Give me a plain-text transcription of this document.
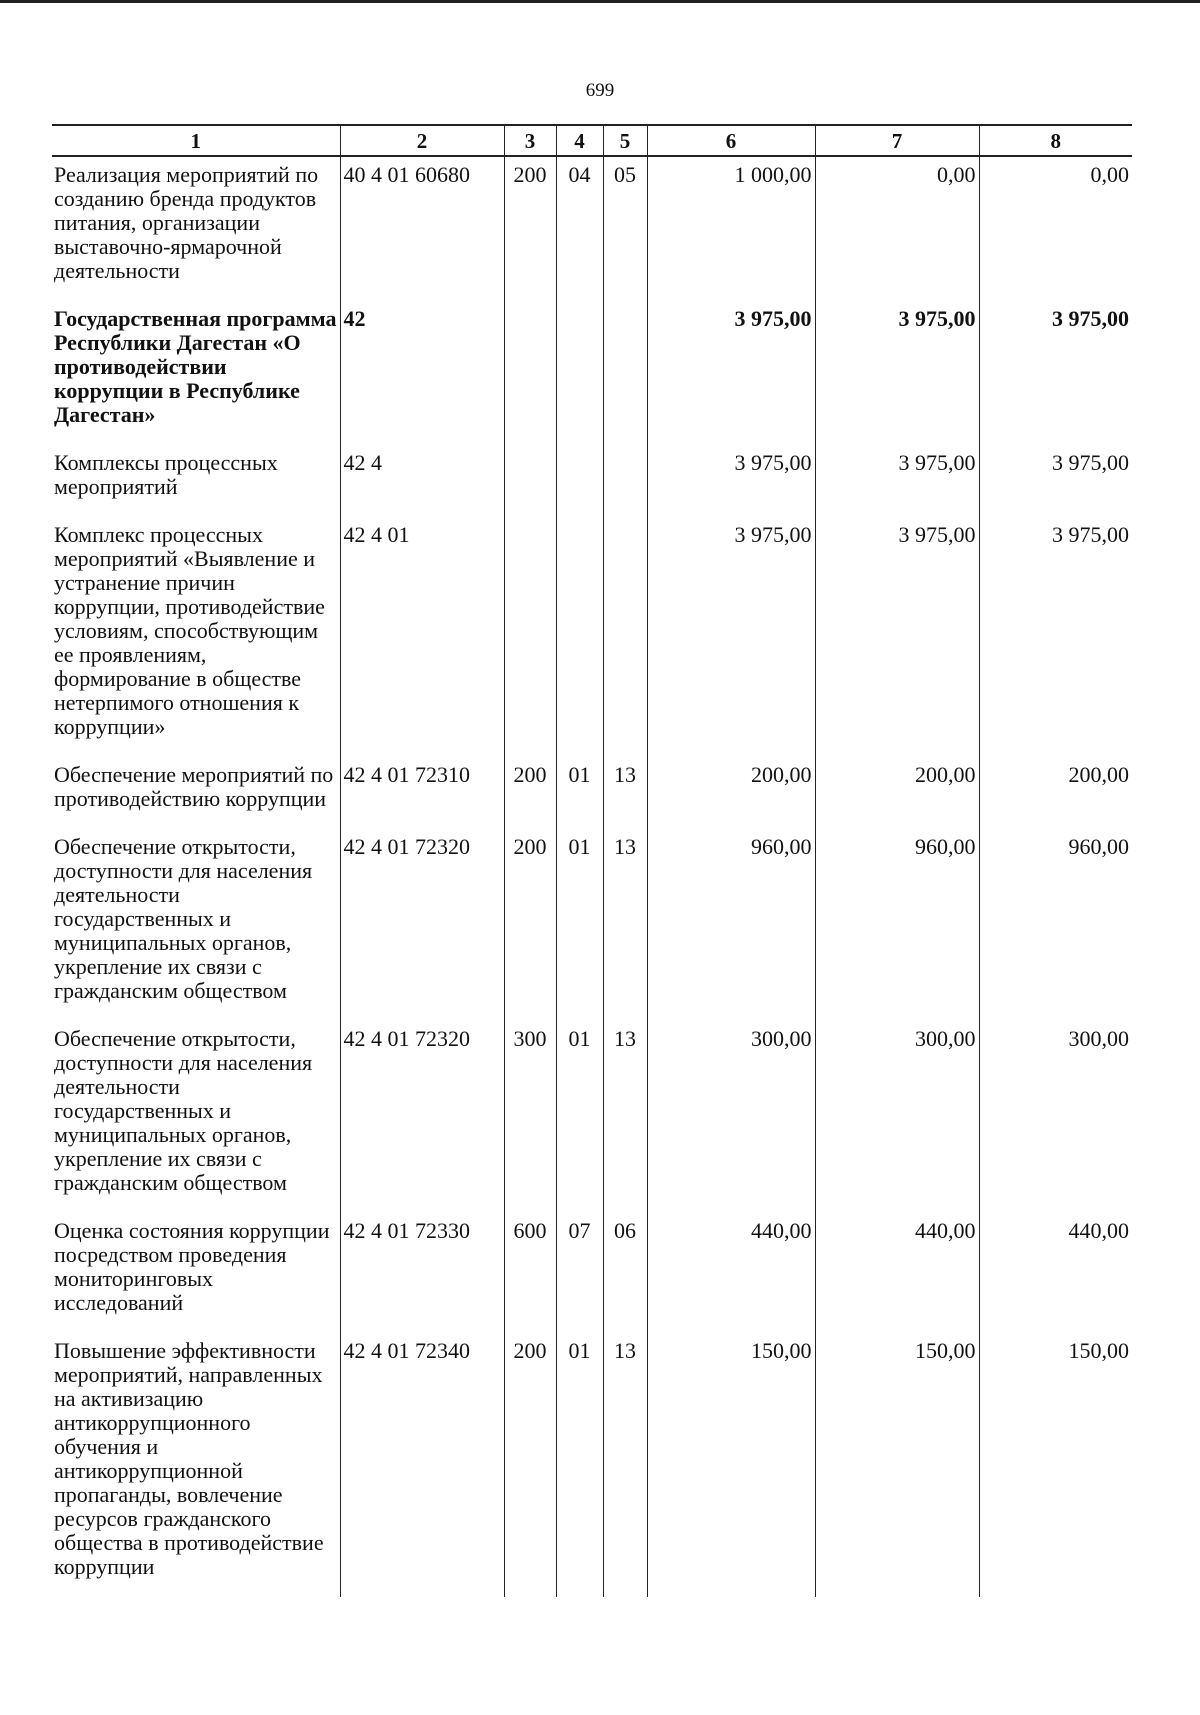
699
1	2	3	4	5	6	7	8
Реализация мероприятий по созданию бренда продуктов питания, организации выставочно-ярмарочной деятельности	40 4 01 60680	200	04	05	1 000,00	0,00	0,00
Государственная программа Республики Дагестан «О противодействии коррупции в Республике Дагестан»	42				3 975,00	3 975,00	3 975,00
Комплексы процессных мероприятий	42 4				3 975,00	3 975,00	3 975,00
Комплекс процессных мероприятий «Выявление и устранение причин коррупции, противодействие условиям, способствующим ее проявлениям, формирование в обществе нетерпимого отношения к коррупции»	42 4 01				3 975,00	3 975,00	3 975,00
Обеспечение мероприятий по противодействию коррупции	42 4 01 72310	200	01	13	200,00	200,00	200,00
Обеспечение открытости, доступности для населения деятельности государственных и муниципальных органов, укрепление их связи с гражданским обществом	42 4 01 72320	200	01	13	960,00	960,00	960,00
Обеспечение открытости, доступности для населения деятельности государственных и муниципальных органов, укрепление их связи с гражданским обществом	42 4 01 72320	300	01	13	300,00	300,00	300,00
Оценка состояния коррупции посредством проведения мониторинговых исследований	42 4 01 72330	600	07	06	440,00	440,00	440,00
Повышение эффективности мероприятий, направленных на активизацию антикоррупционного обучения и антикоррупционной пропаганды, вовлечение ресурсов гражданского общества в противодействие коррупции	42 4 01 72340	200	01	13	150,00	150,00	150,00
